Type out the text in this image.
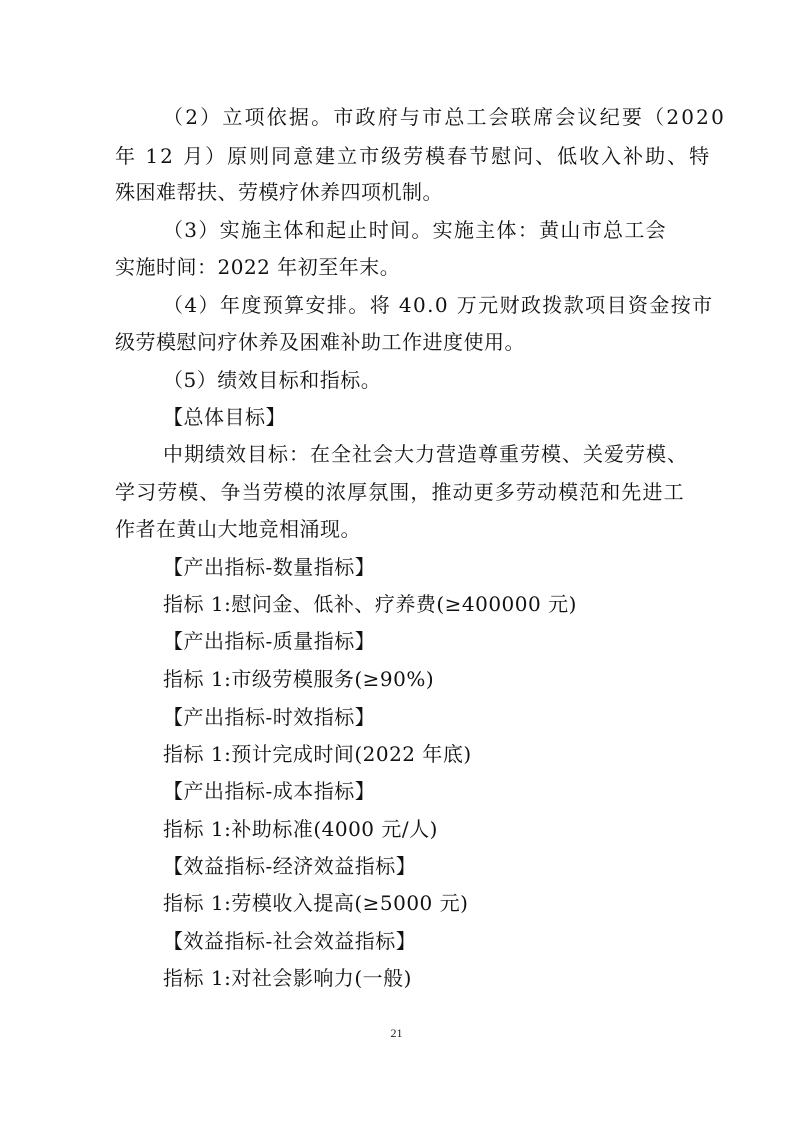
（2）立项依据。市政府与市总工会联席会议纪要（2020
年 12 月）原则同意建立市级劳模春节慰问、低收入补助、特
殊困难帮扶、劳模疗休养四项机制。
（3）实施主体和起止时间。实施主体：黄山市总工会
实施时间：2022 年初至年末。
（4）年度预算安排。将 40.0 万元财政拨款项目资金按市
级劳模慰问疗休养及困难补助工作进度使用。
（5）绩效目标和指标。
【总体目标】
中期绩效目标：在全社会大力营造尊重劳模、关爱劳模、
学习劳模、争当劳模的浓厚氛围，推动更多劳动模范和先进工
作者在黄山大地竞相涌现。
【产出指标-数量指标】
指标 1:慰问金、低补、疗养费(≥400000 元)
【产出指标-质量指标】
指标 1:市级劳模服务(≥90%)
【产出指标-时效指标】
指标 1:预计完成时间(2022 年底)
【产出指标-成本指标】
指标 1:补助标准(4000 元/人)
【效益指标-经济效益指标】
指标 1:劳模收入提高(≥5000 元)
【效益指标-社会效益指标】
指标 1:对社会影响力(一般)
21
